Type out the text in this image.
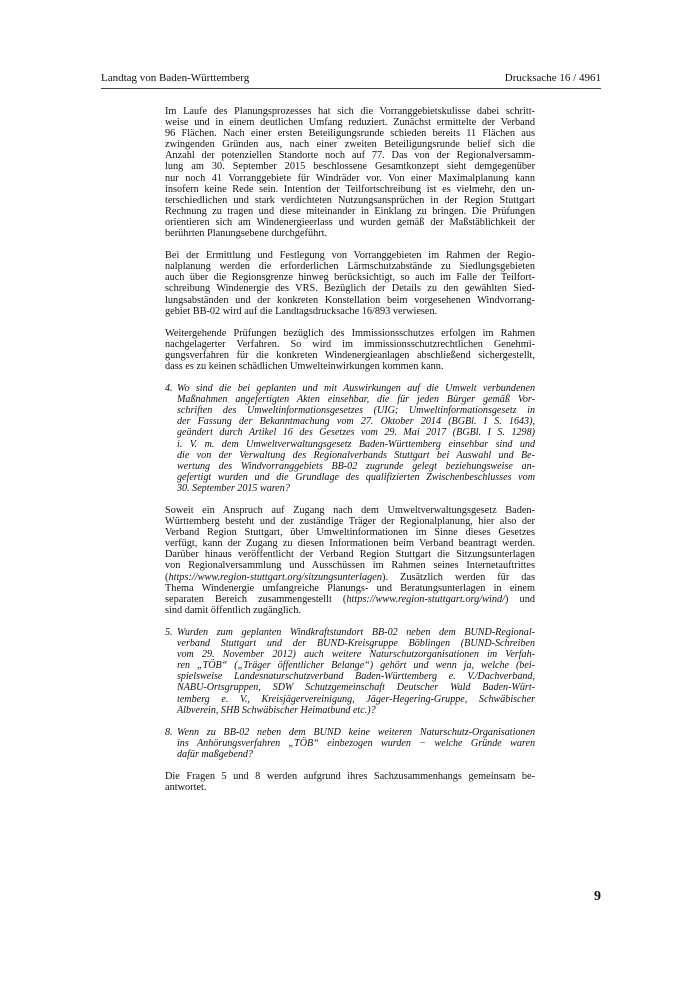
Landtag von Baden-Württemberg	Drucksache 16 / 4961
Im Laufe des Planungsprozesses hat sich die Vorranggebietskulisse dabei schritt-
weise und in einem deutlichen Umfang reduziert. Zunächst ermittelte der Verband
96 Flächen. Nach einer ersten Beteiligungsrunde schieden bereits 11 Flächen aus
zwingenden Gründen aus, nach einer zweiten Beteiligungsrunde belief sich die
Anzahl der potenziellen Standorte noch auf 77. Das von der Regionalversamm-
lung am 30. September 2015 beschlossene Gesamtkonzept sieht demgegenüber
nur noch 41 Vorranggebiete für Windräder vor. Von einer Maximalplanung kann
insofern keine Rede sein. Intention der Teilfortschreibung ist es vielmehr, den un-
terschiedlichen und stark verdichteten Nutzungsansprüchen in der Region Stuttgart
Rechnung zu tragen und diese miteinander in Einklang zu bringen. Die Prüfungen
orientieren sich am Windenergieerlass und wurden gemäß der Maßstäblichkeit der
berührten Planungsebene durchgeführt.
Bei der Ermittlung und Festlegung von Vorranggebieten im Rahmen der Regio-
nalplanung werden die erforderlichen Lärmschutzabstände zu Siedlungsgebieten
auch über die Regionsgrenze hinweg berücksichtigt, so auch im Falle der Teilfort-
schreibung Windenergie des VRS. Bezüglich der Details zu den gewählten Sied-
lungsabständen und der konkreten Konstellation beim vorgesehenen Windvorrang-
gebiet BB-02 wird auf die Landtagsdrucksache 16/893 verwiesen.
Weitergehende Prüfungen bezüglich des Immissionsschutzes erfolgen im Rahmen
nachgelagerter Verfahren. So wird im immissionsschutzrechtlichen Genehmi-
gungsverfahren für die konkreten Windenergieanlagen abschließend sichergestellt,
dass es zu keinen schädlichen Umwelteinwirkungen kommen kann.
4. Wo sind die bei geplanten und mit Auswirkungen auf die Umwelt verbundenen
Maßnahmen angefertigten Akten einsehbar, die für jeden Bürger gemäß Vor-
schriften des Umweltinformationsgesetzes (UIG; Umweltinformationsgesetz in
der Fassung der Bekanntmachung vom 27. Oktober 2014 (BGBl. I S. 1643),
geändert durch Artikel 16 des Gesetzes vom 29. Mai 2017 (BGBl. I S. 1298)
i. V. m. dem Umweltverwaltungsgesetz Baden-Württemberg einsehbar sind und
die von der Verwaltung des Regionalverbands Stuttgart bei Auswahl und Be-
wertung des Windvorranggebiets BB-02 zugrunde gelegt beziehungsweise an-
gefertigt wurden und die Grundlage des qualifizierten Zwischenbeschlusses vom
30. September 2015 waren?
Soweit ein Anspruch auf Zugang nach dem Umweltverwaltungsgesetz Baden-
Württemberg besteht und der zuständige Träger der Regionalplanung, hier also der
Verband Region Stuttgart, über Umweltinformationen im Sinne dieses Gesetzes
verfügt, kann der Zugang zu diesen Informationen beim Verband beantragt werden.
Darüber hinaus veröffentlicht der Verband Region Stuttgart die Sitzungsunterlagen
von Regionalversammlung und Ausschüssen im Rahmen seines Internetauftrittes
(https://www.region-stuttgart.org/sitzungsunterlagen). Zusätzlich werden für das
Thema Windenergie umfangreiche Planungs- und Beratungsunterlagen in einem
separaten Bereich zusammengestellt (https://www.region-stuttgart.org/wind/) und
sind damit öffentlich zugänglich.
5. Wurden zum geplanten Windkraftstandort BB-02 neben dem BUND-Regional-
verband Stuttgart und der BUND-Kreisgruppe Böblingen (BUND-Schreiben
vom 29. November 2012) auch weitere Naturschutzorganisationen im Verfah-
ren „TÖB“ („Träger öffentlicher Belange“) gehört und wenn ja, welche (bei-
spielsweise Landesnaturschutzverband Baden-Württemberg e. V./Dachverband,
NABU-Ortsgruppen, SDW Schutzgemeinschaft Deutscher Wald Baden-Würt-
temberg e. V., Kreisjägervereinigung, Jäger-Hegering-Gruppe, Schwäbischer
Albverein, SHB Schwäbischer Heimatbund etc.)?
8. Wenn zu BB-02 neben dem BUND keine weiteren Naturschutz-Organisationen
ins Anhörungsverfahren „TÖB“ einbezogen wurden − welche Gründe waren
dafür maßgebend?
Die Fragen 5 und 8 werden aufgrund ihres Sachzusammenhangs gemeinsam be-
antwortet.
9
